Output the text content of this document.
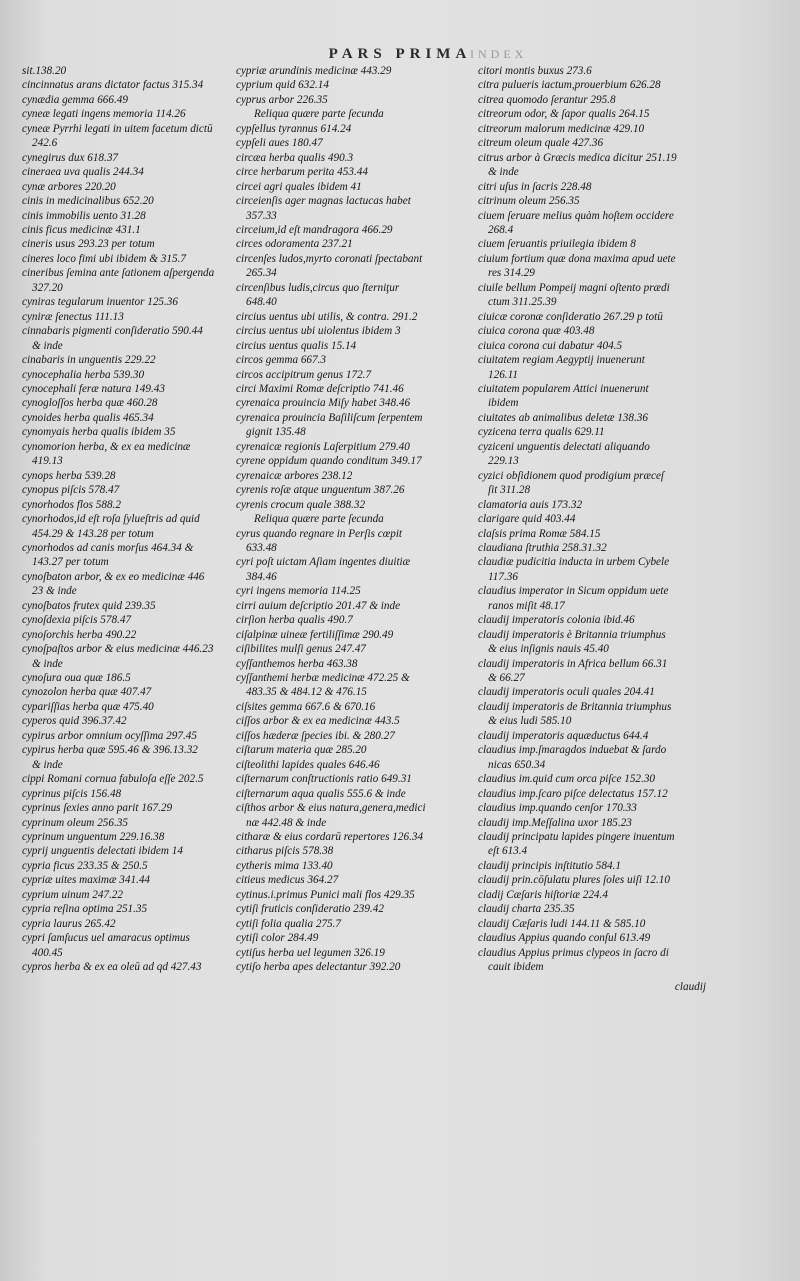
PARS PRIMA
INDEX
sit.138.20
cincinnatus arans dictator factus 315.34
cynædia gemma 666.49
cyneæ legati ingens memoria 114.26
cyneæ Pyrrhi legati in uitem facetum dictū
242.6
cynegirus dux 618.37
cineraea uva qualis 244.34
cynæ arbores 220.20
cinis in medicinalibus 652.20
cinis immobilis uento 31.28
cinis ficus medicinæ 431.1
cineris usus 293.23 per totum
cineres loco fimi ubi ibidem & 315.7
cineribus ſemina ante ſationem aſpergenda
327.20
cyniras tegularum inuentor 125.36
cyniræ ſenectus 111.13
cinnabaris pigmenti conſideratio 590.44
& inde
cinabaris in unguentis 229.22
cynocephalia herba 539.30
cynocephali feræ natura 149.43
cynogloſſos herba quæ 460.28
cynoides herba qualis 465.34
cynomyais herba qualis ibidem 35
cynomorion herba, & ex ea medicinæ
419.13
cynops herba 539.28
cynopus piſcis 578.47
cynorhodos flos 588.2
cynorhodos,id eſt roſa ſylueſtris ad quid
454.29 & 143.28 per totum
cynorhodos ad canis morſus 464.34 &
143.27 per totum
cynoſbaton arbor, & ex eo medicinæ 446
23 & inde
cynoſbatos frutex quid 239.35
cynoſdexia piſcis 578.47
cynoſorchis herba 490.22
cynoſpaſtos arbor & eius medicinæ 446.23
& inde
cynoſura oua quæ 186.5
cynozolon herba quæ 407.47
cypariſſias herba quæ 475.40
cyperos quid 396.37.42
cypirus arbor omnium ocyſſima 297.45
cypirus herba quæ 595.46 & 396.13.32
& inde
cippi Romani cornua fabuloſa eſſe 202.5
cyprinus piſcis 156.48
cyprinus ſexies anno parit 167.29
cyprinum oleum 256.35
cyprinum unguentum 229.16.38
cyprij unguentis delectati ibidem 14
cypria ficus 233.35 & 250.5
cypriæ uites maximæ 341.44
cyprium uinum 247.22
cypria reſina optima 251.35
cypria laurus 265.42
cypri ſamſucus uel amaracus optimus
400.45
cypros herba & ex ea oleū ad qd 427.43
cypriæ arundinis medicinæ 443.29
cyprium quid 632.14
cyprus arbor 226.35
Reliqua quære parte ſecunda
cypſellus tyrannus 614.24
cypſeli aues 180.47
circæa herba qualis 490.3
circe herbarum perita 453.44
circei agri quales ibidem 41
circeienſis ager magnas lactucas habet
357.33
circeium,id eſt mandragora 466.29
circes odoramenta 237.21
circenſes ludos,myrto coronati ſpectabant
265.34
circenſibus ludis,circus quo ſterniţur
648.40
circius uentus ubi utilis, & contra. 291.2
circius uentus ubi uiolentus ibidem 3
circius uentus qualis 15.14
circos gemma 667.3
circos accipitrum genus 172.7
circi Maximi Romæ deſcriptio 741.46
cyrenaica prouincia Miſy habet 348.46
cyrenaica prouincia Baſiliſcum ſerpentem
gignit 135.48
cyrenaicæ regionis Laſerpitium 279.40
cyrene oppidum quando conditum 349.17
cyrenaicæ arbores 238.12
cyrenis roſæ atque unguentum 387.26
cyrenis crocum quale 388.32
Reliqua quære parte ſecunda
cyrus quando regnare in Perſis cœpit
633.48
cyri poſt uictam Aſiam ingentes diuitiæ
384.46
cyri ingens memoria 114.25
cirri auium deſcriptio 201.47 & inde
cirſion herba qualis 490.7
ciſalpinæ uineæ fertiliſſimæ 290.49
ciſibilites mulſi genus 247.47
cyſſanthemos herba 463.38
cyſſanthemi herbæ medicinæ 472.25 &
483.35 & 484.12 & 476.15
ciſsites gemma 667.6 & 670.16
ciſſos arbor & ex ea medicinæ 443.5
ciſſos hæderæ ſpecies ibi. & 280.27
ciſtarum materia quæ 285.20
ciſteolithi lapides quales 646.46
ciſternarum conſtructionis ratio 649.31
ciſternarum aqua qualis 555.6 & inde
ciſthos arbor & eius natura,genera,medici
næ 442.48 & inde
citharæ & eius cordarū repertores 126.34
citharus piſcis 578.38
cytheris mima 133.40
citieus medicus 364.27
cytinus.i.primus Punici mali flos 429.35
cytiſi fruticis conſideratio 239.42
cytiſi folia qualia 275.7
cytiſi color 284.49
cytiſus herba uel legumen 326.19
cytiſo herba apes delectantur 392.20
citori montis buxus 273.6
citra pulueris iactum,prouerbium 626.28
citrea quomodo ſerantur 295.8
citreorum odor, & ſapor qualis 264.15
citreorum malorum medicinæ 429.10
citreum oleum quale 427.36
citrus arbor à Græcis medica dicitur 251.19
& inde
citri uſus in ſacris 228.48
citrinum oleum 256.35
ciuem ſeruare melius quàm hoſtem occidere
268.4
ciuem ſeruantis priuilegia ibidem 8
ciuium fortium quæ dona maxima apud uete
res 314.29
ciuile bellum Pompeij magni oſtento prædi
ctum 311.25.39
ciuicæ coronæ conſideratio 267.29 p totū
ciuica corona quæ 403.48
ciuica corona cui dabatur 404.5
ciuitatem regiam Aegyptij inuenerunt
126.11
ciuitatem popularem Attici inuenerunt
ibidem
ciuitates ab animalibus deletæ 138.36
cyzicena terra qualis 629.11
cyziceni unguentis delectati aliquando
229.13
cyzici obſidionem quod prodigium præceſ
ſit 311.28
clamatoria auis 173.32
clarigare quid 403.44
claſsis prima Romæ 584.15
claudiana ſtruthia 258.31.32
claudiæ pudicitia inducta in urbem Cybele
117.36
claudius imperator in Sicum oppidum uete
ranos miſit 48.17
claudij imperatoris colonia ibid.46
claudij imperatoris è Britannia triumphus
& eius inſignis nauis 45.40
claudij imperatoris in Africa bellum 66.31
& 66.27
claudij imperatoris oculi quales 204.41
claudij imperatoris de Britannia triumphus
& eius ludi 585.10
claudij imperatoris aquæductus 644.4
claudius imp.ſmaragdos induebat & ſardo
nicas 650.34
claudius im.quid cum orca piſce 152.30
claudius imp.ſcaro piſce delectatus 157.12
claudius imp.quando cenſor 170.33
claudij imp.Meſſalina uxor 185.23
claudij principatu lapides pingere inuentum
eſt 613.4
claudij principis inſtitutio 584.1
claudij prin.cōſulatu plures ſoles uiſi 12.10
cladij Cæſaris hiſtoriæ 224.4
claudij charta 235.35
claudij Cæſaris ludi 144.11 & 585.10
claudius Appius quando conſul 613.49
claudius Appius primus clypeos in ſacro di
cauit ibidem
claudij
